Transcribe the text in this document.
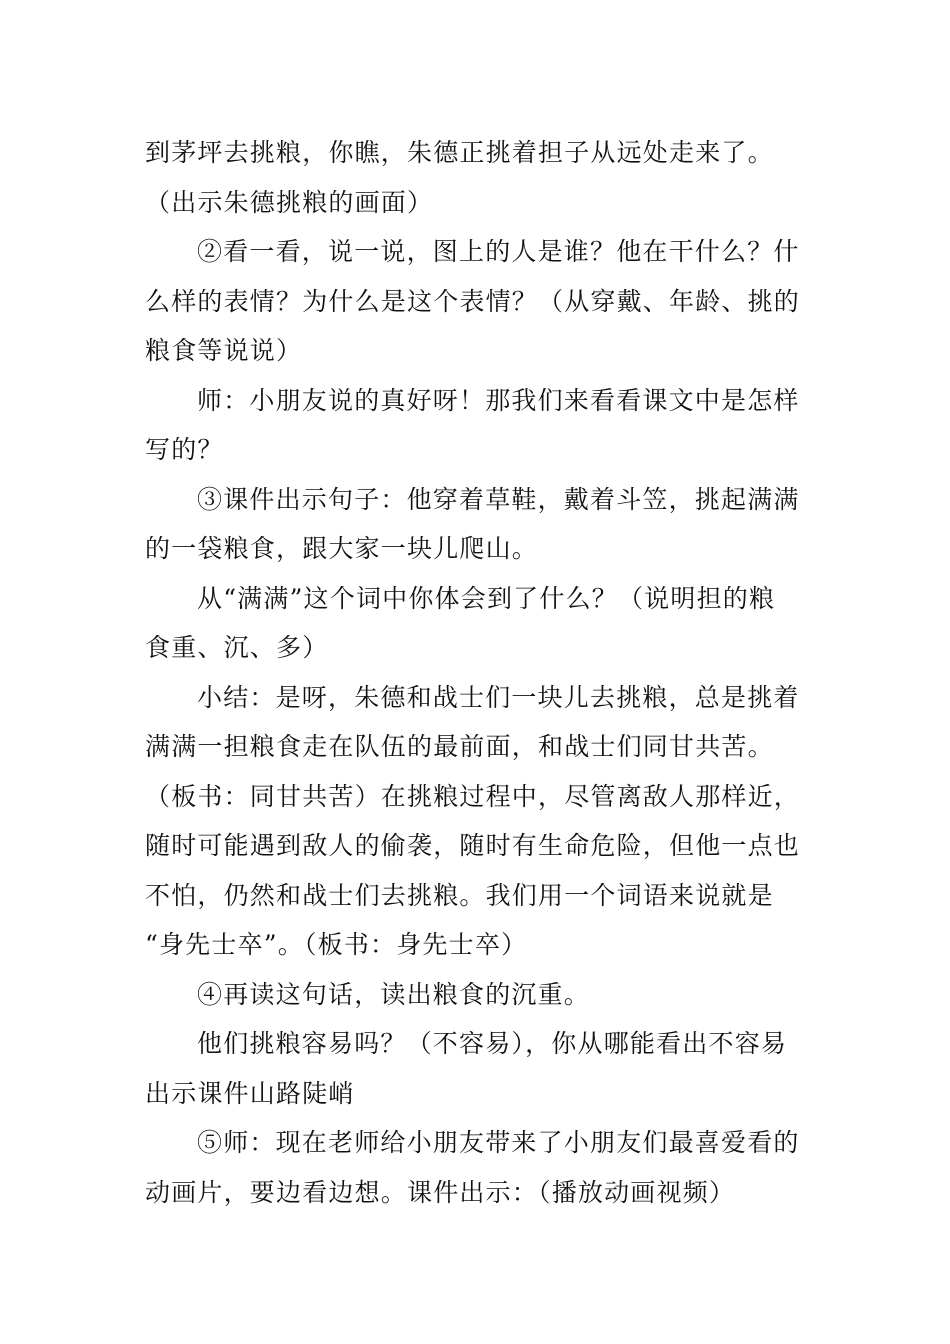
到茅坪去挑粮，你瞧，朱德正挑着担子从远处走来了。
（出示朱德挑粮的画面）
②看一看，说一说，图上的人是谁？他在干什么？什
么样的表情？为什么是这个表情？（从穿戴、年龄、挑的
粮食等说说）
师：小朋友说的真好呀！那我们来看看课文中是怎样
写的？
③课件出示句子：他穿着草鞋，戴着斗笠，挑起满满
的一袋粮食，跟大家一块儿爬山。
从“满满”这个词中你体会到了什么？（说明担的粮
食重、沉、多）
小结：是呀，朱德和战士们一块儿去挑粮，总是挑着
满满一担粮食走在队伍的最前面，和战士们同甘共苦。
（板书：同甘共苦）在挑粮过程中，尽管离敌人那样近，
随时可能遇到敌人的偷袭，随时有生命危险，但他一点也
不怕，仍然和战士们去挑粮。我们用一个词语来说就是
“身先士卒”。（板书：身先士卒）
④再读这句话，读出粮食的沉重。
他们挑粮容易吗？（不容易），你从哪能看出不容易
出示课件山路陡峭
⑤师：现在老师给小朋友带来了小朋友们最喜爱看的
动画片，要边看边想。课件出示：（播放动画视频）
